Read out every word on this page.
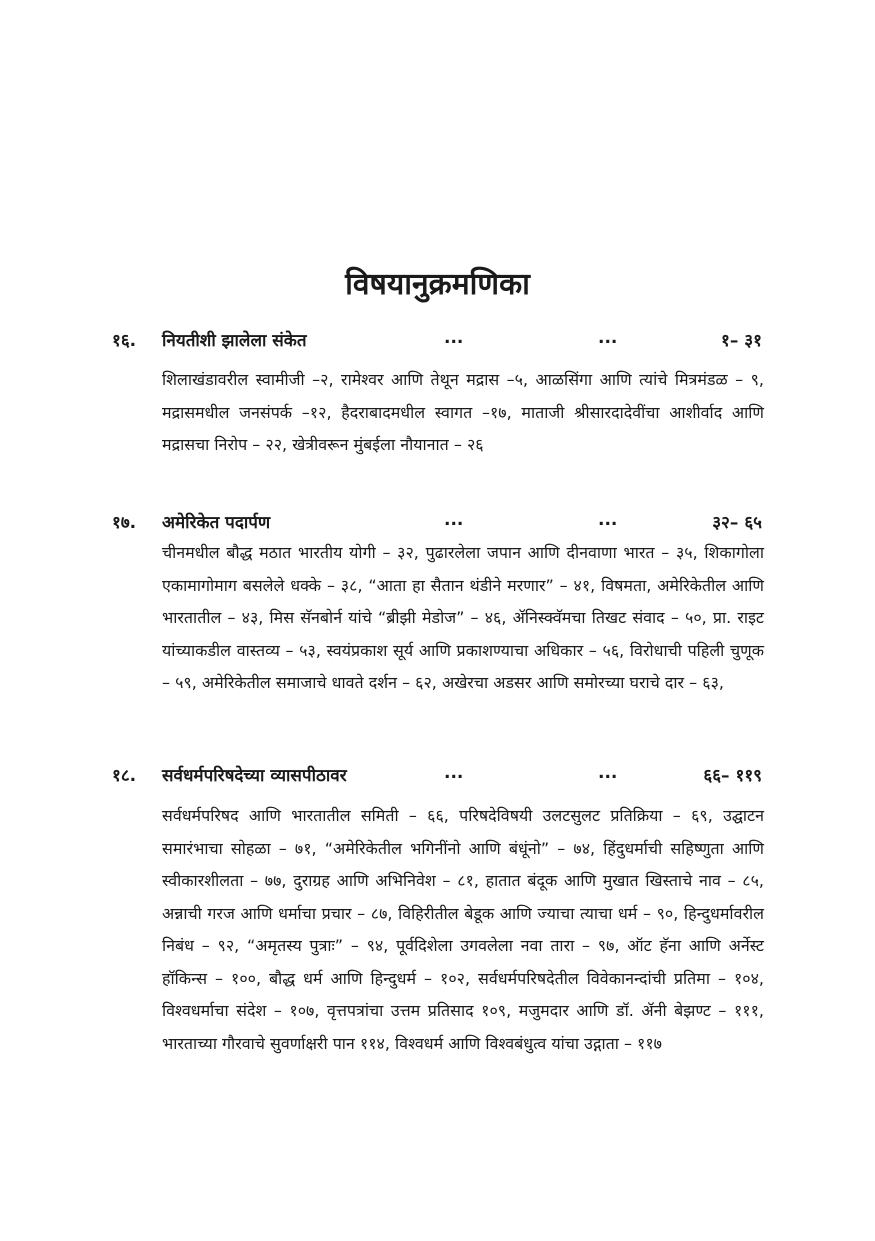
विषयानुक्रमणिका
१६. नियतीशी झालेला संकेत	...	...	१– ३१
शिलाखंडावरील स्वामीजी –२, रामेश्वर आणि तेथून मद्रास –५, आळसिंगा आणि त्यांचे मित्रमंडळ – ९, मद्रासमधील जनसंपर्क –१२, हैदराबादमधील स्वागत –१७, माताजी श्रीसारदादेवींचा आशीर्वाद आणि मद्रासचा निरोप – २२, खेत्रीवरून मुंबईला नौयानात – २६
१७. अमेरिकेत पदार्पण	...	...	३२– ६५
चीनमधील बौद्ध मठात भारतीय योगी – ३२, पुढारलेला जपान आणि दीनवाणा भारत – ३५, शिकागोला एकामागोमाग बसलेले धक्के – ३८, “आता हा सैतान थंडीने मरणार” – ४१, विषमता, अमेरिकेतील आणि भारतातील – ४३, मिस सॅनबोर्न यांचे “ब्रीझी मेडोज” – ४६, ॲनिस्क्वॅमचा तिखट संवाद – ५०, प्रा. राइट यांच्याकडील वास्तव्य – ५३, स्वयंप्रकाश सूर्य आणि प्रकाशण्याचा अधिकार – ५६, विरोधाची पहिली चुणूक – ५९, अमेरिकेतील समाजाचे धावते दर्शन – ६२, अखेरचा अडसर आणि समोरच्या घराचे दार – ६३,
१८. सर्वधर्मपरिषदेच्या व्यासपीठावर	...	...	६६– ११९
सर्वधर्मपरिषद आणि भारतातील समिती – ६६, परिषदेविषयी उलटसुलट प्रतिक्रिया – ६९, उद्घाटन समारंभाचा सोहळा – ७१, “अमेरिकेतील भगिनींनो आणि बंधूंनो” – ७४, हिंदुधर्माची सहिष्णुता आणि स्वीकारशीलता – ७७, दुराग्रह आणि अभिनिवेश – ८१, हातात बंदूक आणि मुखात खिस्ताचे नाव – ८५, अन्नाची गरज आणि धर्माचा प्रचार – ८७, विहिरीतील बेडूक आणि ज्याचा त्याचा धर्म – ९०, हिन्दुधर्मावरील निबंध – ९२, “अमृतस्य पुत्राः” – ९४, पूर्वदिशेला उगवलेला नवा तारा – ९७, ऑट हॅना आणि अर्नेस्ट हॉकिन्स – १००, बौद्ध धर्म आणि हिन्दुधर्म – १०२, सर्वधर्मपरिषदेतील विवेकानन्दांची प्रतिमा – १०४, विश्वधर्माचा संदेश – १०७, वृत्तपत्रांचा उत्तम प्रतिसाद १०९, मजुमदार आणि डॉ. ॲनी बेझण्ट – १११, भारताच्या गौरवाचे सुवर्णाक्षरी पान ११४, विश्वधर्म आणि विश्वबंधुत्व यांचा उद्गाता – ११७
